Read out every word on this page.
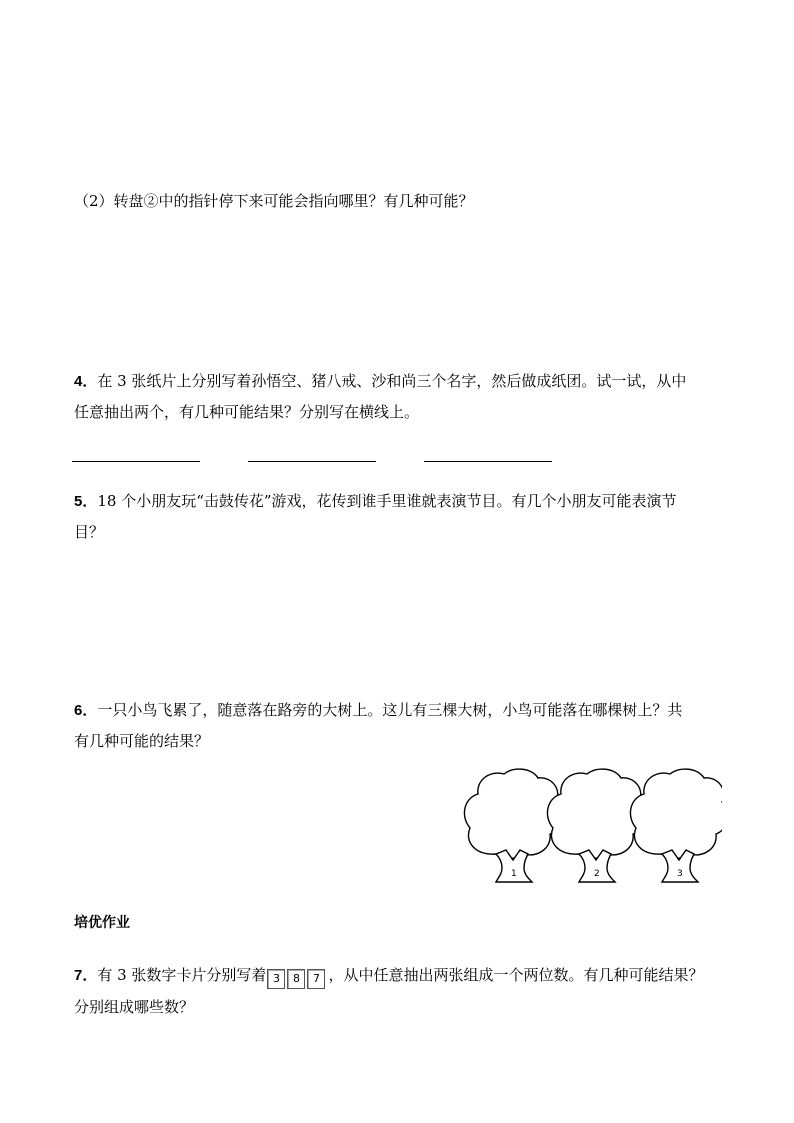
（2）转盘②中的指针停下来可能会指向哪里？有几种可能？
4．在 3 张纸片上分别写着孙悟空、猪八戒、沙和尚三个名字，然后做成纸团。试一试，从中
任意抽出两个，有几种可能结果？分别写在横线上。
5．18 个小朋友玩“击鼓传花”游戏，花传到谁手里谁就表演节目。有几个小朋友可能表演节
目？
6．一只小鸟飞累了，随意落在路旁的大树上。这儿有三棵大树，小鸟可能落在哪棵树上？共
有几种可能的结果？
1	2	3
培优作业
7．有 3 张数字卡片分别写着 3	8	7 ，从中任意抽出两张组成一个两位数。有几种可能结果？
分别组成哪些数？
